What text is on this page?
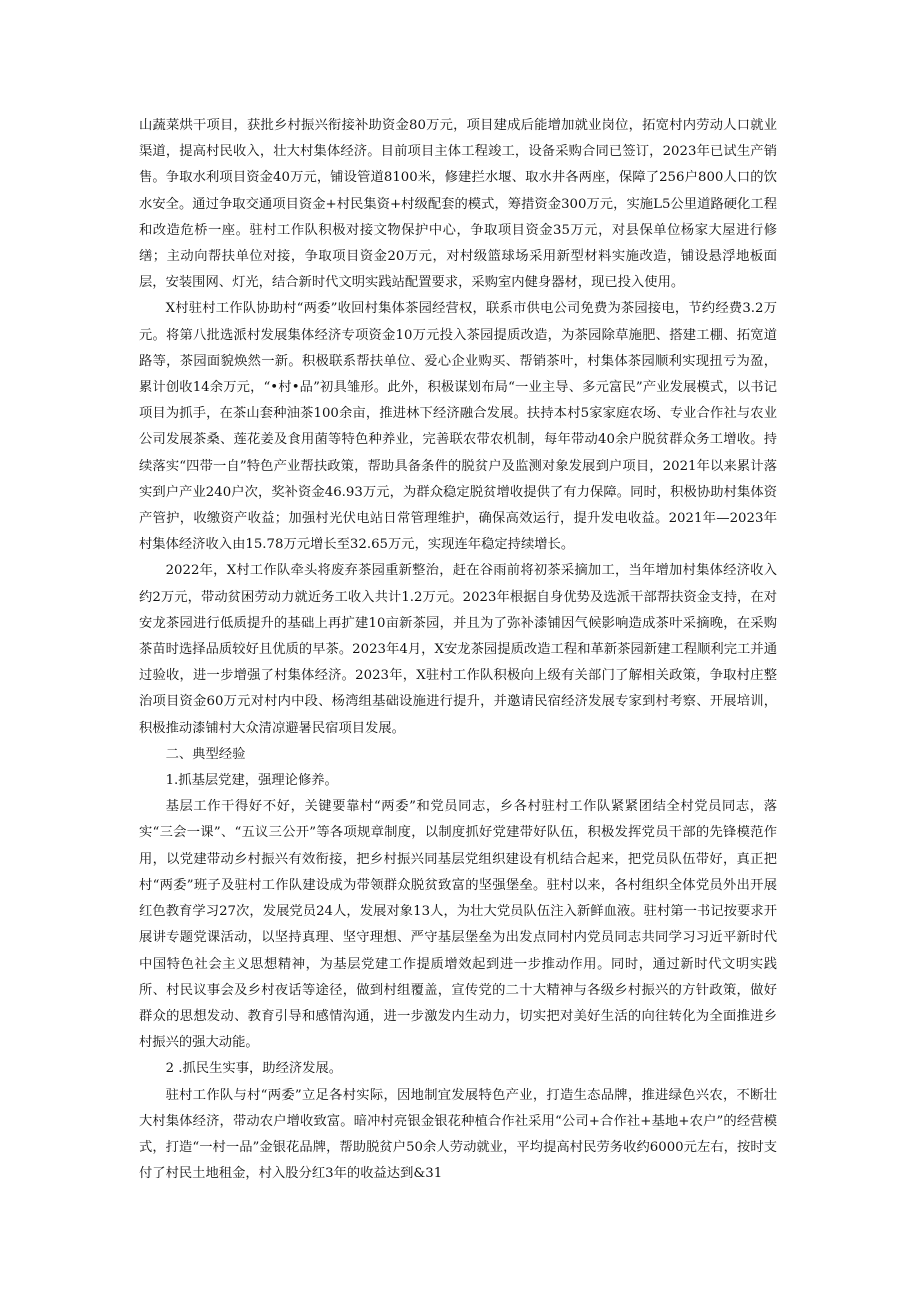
山蔬菜烘干项目，获批乡村振兴衔接补助资金80万元，项目建成后能增加就业岗位，拓宽村内劳动人口就业渠道，提高村民收入，壮大村集体经济。目前项目主体工程竣工，设备采购合同已签订，2023年已试生产销售。争取水利项目资金40万元，铺设管道8100米，修建拦水堰、取水井各两座，保障了256户800人口的饮水安全。通过争取交通项目资金+村民集资+村级配套的模式，筹措资金300万元，实施L5公里道路硬化工程和改造危桥一座。驻村工作队积极对接文物保护中心，争取项目资金35万元，对县保单位杨家大屋进行修缮；主动向帮扶单位对接，争取项目资金20万元，对村级篮球场采用新型材料实施改造，铺设悬浮地板面层，安装围网、灯光，结合新时代文明实践站配置要求，采购室内健身器材，现已投入使用。

X村驻村工作队协助村“两委”收回村集体茶园经营权，联系市供电公司免费为茶园接电，节约经费3.2万元。将第八批选派村发展集体经济专项资金10万元投入茶园提质改造，为茶园除草施肥、搭建工棚、拓宽道路等，茶园面貌焕然一新。积极联系帮扶单位、爱心企业购买、帮销茶叶，村集体茶园顺利实现扭亏为盈，累计创收14余万元，“•村•品”初具雏形。此外，积极谋划布局“一业主导、多元富民”产业发展模式，以书记项目为抓手，在茶山套种油茶100余亩，推进林下经济融合发展。扶持本村5家家庭农场、专业合作社与农业公司发展茶桑、莲花姜及食用菌等特色种养业，完善联农带农机制，每年带动40余户脱贫群众务工增收。持续落实“四带一自”特色产业帮扶政策，帮助具备条件的脱贫户及监测对象发展到户项目，2021年以来累计落实到户产业240户次，奖补资金46.93万元，为群众稳定脱贫增收提供了有力保障。同时，积极协助村集体资产管护，收缴资产收益；加强村光伏电站日常管理维护，确保高效运行，提升发电收益。2021年—2023年村集体经济收入由15.78万元增长至32.65万元，实现连年稳定持续增长。

2022年，X村工作队牵头将废弃茶园重新整治，赶在谷雨前将初茶采摘加工，当年增加村集体经济收入约2万元，带动贫困劳动力就近务工收入共计1.2万元。2023年根据自身优势及选派干部帮扶资金支持，在对安龙茶园进行低质提升的基础上再扩建10亩新茶园，并且为了弥补漆铺因气候影响造成茶叶采摘晚，在采购茶苗时选择品质较好且优质的早茶。2023年4月，X安龙茶园提质改造工程和革新茶园新建工程顺利完工并通过验收，进一步增强了村集体经济。2023年，X驻村工作队积极向上级有关部门了解相关政策，争取村庄整治项目资金60万元对村内中段、杨湾组基础设施进行提升，并邀请民宿经济发展专家到村考察、开展培训，积极推动漆铺村大众清凉避暑民宿项目发展。

二、典型经验

1.抓基层党建，强理论修养。

基层工作干得好不好，关键要靠村“两委”和党员同志，乡各村驻村工作队紧紧团结全村党员同志，落实“三会一课”、“五议三公开”等各项规章制度，以制度抓好党建带好队伍，积极发挥党员干部的先锋模范作用，以党建带动乡村振兴有效衔接，把乡村振兴同基层党组织建设有机结合起来，把党员队伍带好，真正把村“两委”班子及驻村工作队建设成为带领群众脱贫致富的坚强堡垒。驻村以来，各村组织全体党员外出开展红色教育学习27次，发展党员24人，发展对象13人，为壮大党员队伍注入新鲜血液。驻村第一书记按要求开展讲专题党课活动，以坚持真理、坚守理想、严守基层堡垒为出发点同村内党员同志共同学习习近平新时代中国特色社会主义思想精神，为基层党建工作提质增效起到进一步推动作用。同时，通过新时代文明实践所、村民议事会及乡村夜话等途径，做到村组覆盖，宣传党的二十大精神与各级乡村振兴的方针政策，做好群众的思想发动、教育引导和感情沟通，进一步激发内生动力，切实把对美好生活的向往转化为全面推进乡村振兴的强大动能。

2 .抓民生实事，助经济发展。

驻村工作队与村“两委”立足各村实际，因地制宜发展特色产业，打造生态品牌，推进绿色兴农，不断壮大村集体经济，带动农户增收致富。暗冲村亮银金银花种植合作社采用“公司+合作社+基地+农户”的经营模式，打造“一村一品”金银花品牌，帮助脱贫户50余人劳动就业，平均提高村民劳务收约6000元左右，按时支付了村民土地租金，村入股分红3年的收益达到&31
